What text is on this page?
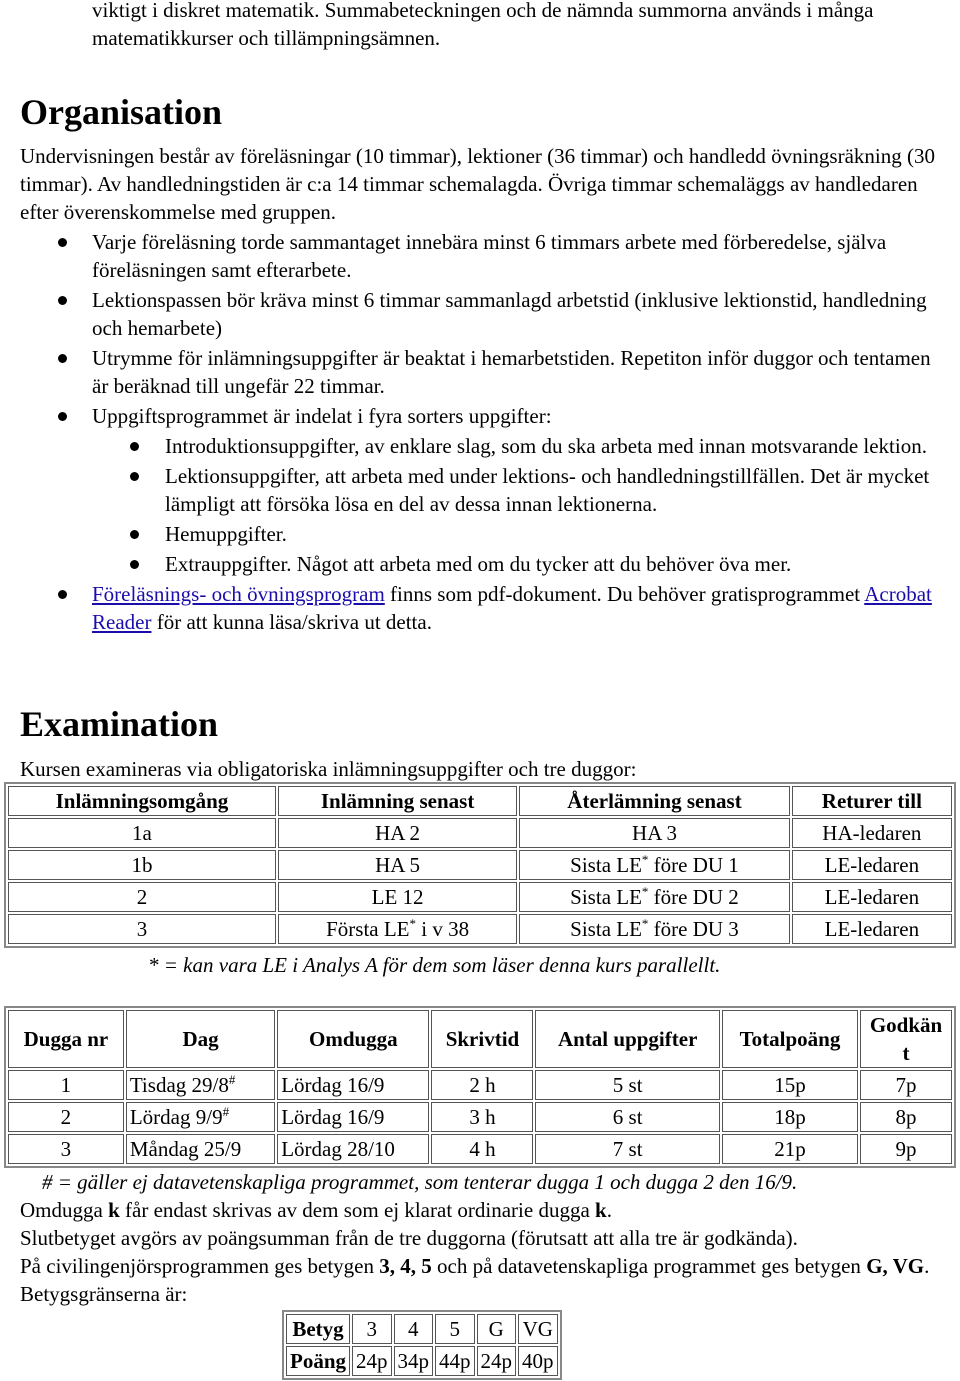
viktigt i diskret matematik. Summabeteckningen och de nämnda summorna används i många matematikkurser och tillämpningsämnen.

Organisation

Undervisningen består av föreläsningar (10 timmar), lektioner (36 timmar) och handledd övningsräkning (30 timmar). Av handledningstiden är c:a 14 timmar schemalagda. Övriga timmar schemaläggs av handledaren efter överenskommelse med gruppen.

Varje föreläsning torde sammantaget innebära minst 6 timmars arbete med förberedelse, själva föreläsningen samt efterarbete.
Lektionspassen bör kräva minst 6 timmar sammanlagd arbetstid (inklusive lektionstid, handledning och hemarbete)
Utrymme för inlämningsuppgifter är beaktat i hemarbetstiden. Repetiton inför duggor och tentamen är beräknad till ungefär 22 timmar.
Uppgiftsprogrammet är indelat i fyra sorters uppgifter:
Introduktionsuppgifter, av enklare slag, som du ska arbeta med innan motsvarande lektion.
Lektionsuppgifter, att arbeta med under lektions- och handledningstillfällen. Det är mycket lämpligt att försöka lösa en del av dessa innan lektionerna.
Hemuppgifter.
Extrauppgifter. Något att arbeta med om du tycker att du behöver öva mer.
Föreläsnings- och övningsprogram finns som pdf-dokument. Du behöver gratisprogrammet Acrobat Reader för att kunna läsa/skriva ut detta.
Examination

Kursen examineras via obligatoriska inlämningsuppgifter och tre duggor:

Inlämningsomgång	Inlämning senast	Återlämning senast	Returer till
1a	HA 2	HA 3	HA-ledaren
1b	HA 5	Sista LE* före DU 1	LE-ledaren
2	LE 12	Sista LE* före DU 2	LE-ledaren
3	Första LE* i v 38	Sista LE* före DU 3	LE-ledaren
* = kan vara LE i Analys A för dem som läser denna kurs parallellt.
Dugga nr	Dag	Omdugga	Skrivtid	Antal uppgifter	Totalpoäng	Godkän
t
1	Tisdag 29/8#	Lördag 16/9	2 h	5 st	15p	7p
2	Lördag 9/9#	Lördag 16/9	3 h	6 st	18p	8p
3	Måndag 25/9	Lördag 28/10	4 h	7 st	21p	9p
# = gäller ej datavetenskapliga programmet, som tenterar dugga 1 och dugga 2 den 16/9.

Omdugga k får endast skrivas av dem som ej klarat ordinarie dugga k.

Slutbetyget avgörs av poängsumman från de tre duggorna (förutsatt att alla tre är godkända).

På civilingenjörsprogrammen ges betygen 3, 4, 5 och på datavetenskapliga programmet ges betygen G, VG. Betygsgränserna är:

Betyg	3	4	5	G	VG
Poäng	24p	34p	44p	24p	40p
